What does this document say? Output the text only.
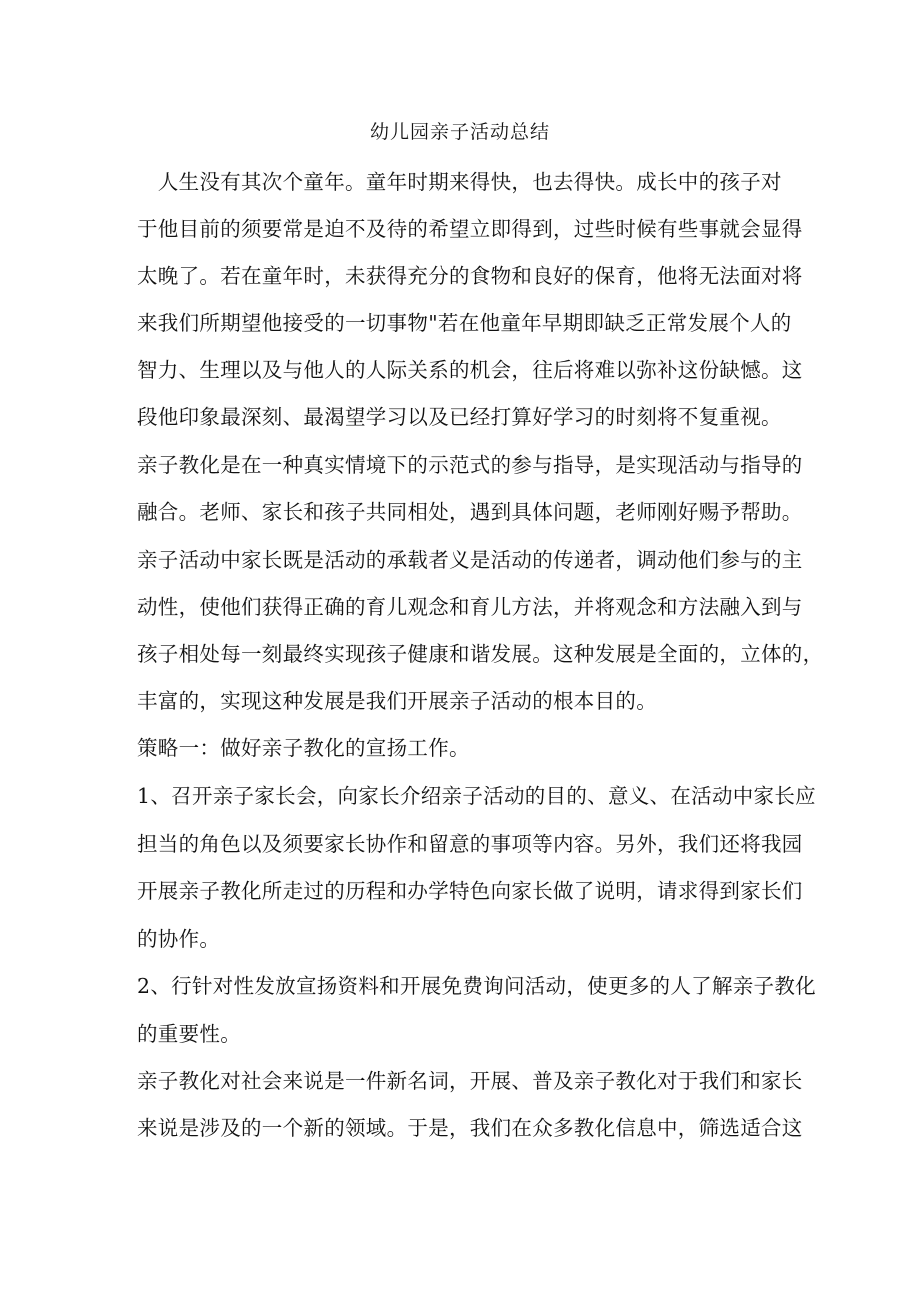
幼儿园亲子活动总结
　人生没有其次个童年。童年时期来得快，也去得快。成长中的孩子对
于他目前的须要常是迫不及待的希望立即得到，过些时候有些事就会显得
太晚了。若在童年时，未获得充分的食物和良好的保育，他将无法面对将
来我们所期望他接受的一切事物"若在他童年早期即缺乏正常发展个人的
智力、生理以及与他人的人际关系的机会，往后将难以弥补这份缺憾。这
段他印象最深刻、最渴望学习以及已经打算好学习的时刻将不复重视。
亲子教化是在一种真实情境下的示范式的参与指导，是实现活动与指导的
融合。老师、家长和孩子共同相处，遇到具体问题，老师刚好赐予帮助。
亲子活动中家长既是活动的承载者义是活动的传递者，调动他们参与的主
动性，使他们获得正确的育儿观念和育儿方法，并将观念和方法融入到与
孩子相处每一刻最终实现孩子健康和谐发展。这种发展是全面的，立体的，
丰富的，实现这种发展是我们开展亲子活动的根本目的。
策略一：做好亲子教化的宣扬工作。
1、召开亲子家长会，向家长介绍亲子活动的目的、意义、在活动中家长应
担当的角色以及须要家长协作和留意的事项等内容。另外，我们还将我园
开展亲子教化所走过的历程和办学特色向家长做了说明，请求得到家长们
的协作。
2、行针对性发放宣扬资料和开展免费询问活动，使更多的人了解亲子教化
的重要性。
亲子教化对社会来说是一件新名词，开展、普及亲子教化对于我们和家长
来说是涉及的一个新的领域。于是，我们在众多教化信息中，筛选适合这
